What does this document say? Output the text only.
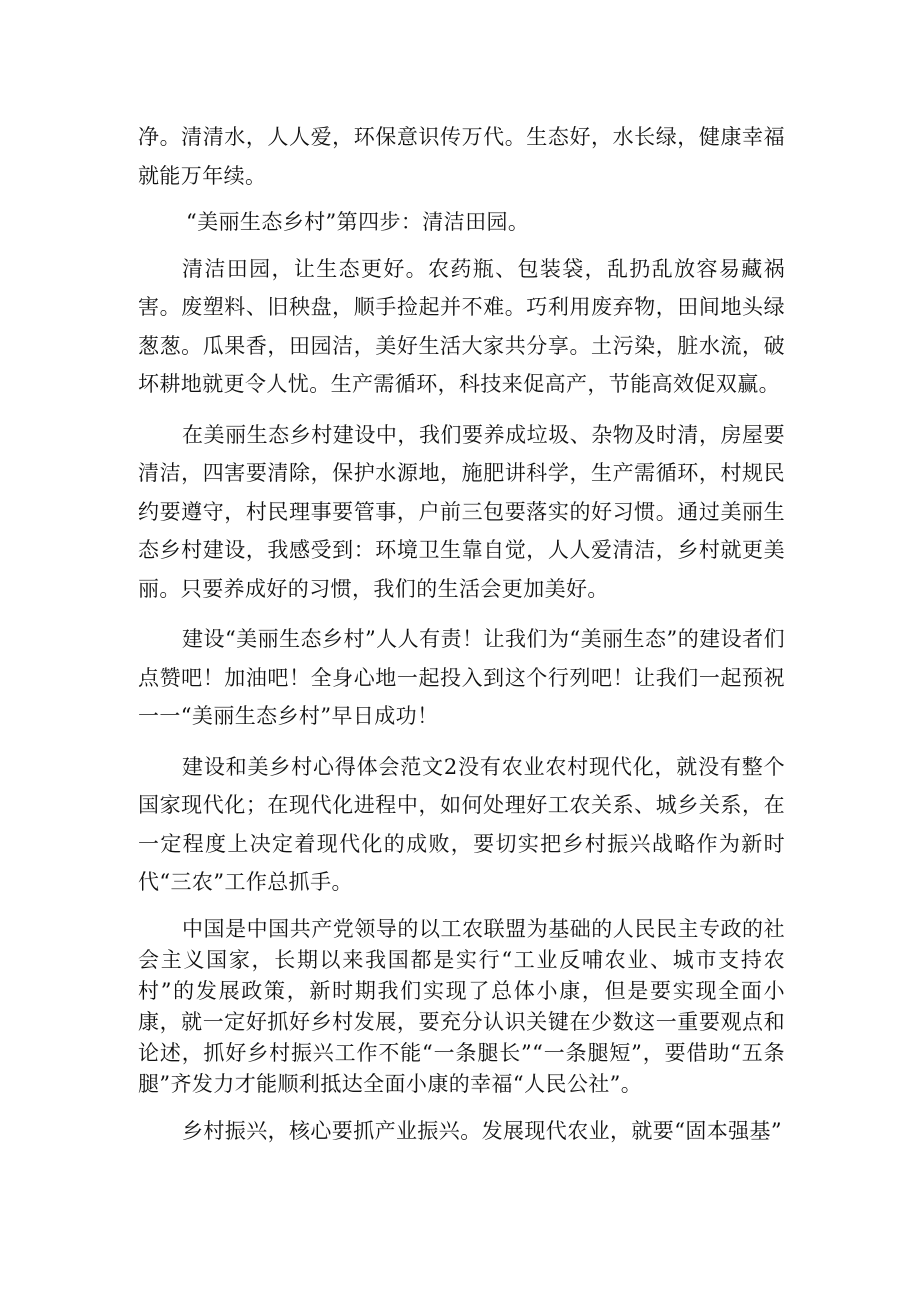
净。清清水，人人爱，环保意识传万代。生态好，水长绿，健康幸福就能万年续。

“美丽生态乡村”第四步：清洁田园。

清洁田园，让生态更好。农药瓶、包装袋，乱扔乱放容易藏祸害。废塑料、旧秧盘，顺手捡起并不难。巧利用废弃物，田间地头绿葱葱。瓜果香，田园洁，美好生活大家共分享。土污染，脏水流，破坏耕地就更令人忧。生产需循环，科技来促高产，节能高效促双赢。

在美丽生态乡村建设中，我们要养成垃圾、杂物及时清，房屋要清洁，四害要清除，保护水源地，施肥讲科学，生产需循环，村规民约要遵守，村民理事要管事，户前三包要落实的好习惯。通过美丽生态乡村建设，我感受到：环境卫生靠自觉，人人爱清洁，乡村就更美丽。只要养成好的习惯，我们的生活会更加美好。

建设“美丽生态乡村”人人有责！让我们为“美丽生态”的建设者们点赞吧！加油吧！全身心地一起投入到这个行列吧！让我们一起预祝一一“美丽生态乡村”早日成功！

建设和美乡村心得体会范文2没有农业农村现代化，就没有整个国家现代化；在现代化进程中，如何处理好工农关系、城乡关系，在一定程度上决定着现代化的成败，要切实把乡村振兴战略作为新时代“三农”工作总抓手。

中国是中国共产党领导的以工农联盟为基础的人民民主专政的社会主义国家，长期以来我国都是实行“工业反哺农业、城市支持农村”的发展政策，新时期我们实现了总体小康，但是要实现全面小康，就一定好抓好乡村发展，要充分认识关键在少数这一重要观点和论述，抓好乡村振兴工作不能“一条腿长”“一条腿短”，要借助“五条腿”齐发力才能顺利抵达全面小康的幸福“人民公社”。

乡村振兴，核心要抓产业振兴。发展现代农业，就要“固本强基”
